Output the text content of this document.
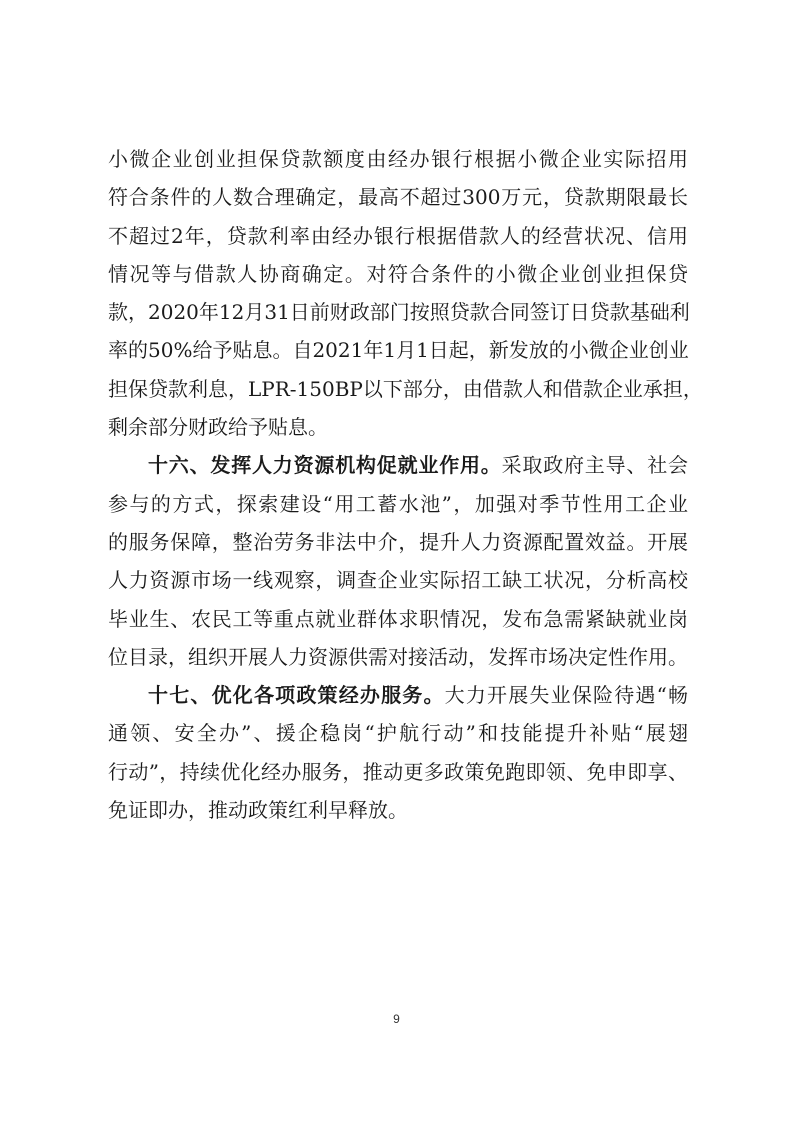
小微企业创业担保贷款额度由经办银行根据小微企业实际招用
符合条件的人数合理确定，最高不超过300万元，贷款期限最长
不超过2年，贷款利率由经办银行根据借款人的经营状况、信用
情况等与借款人协商确定。对符合条件的小微企业创业担保贷
款，2020年12月31日前财政部门按照贷款合同签订日贷款基础利
率的50%给予贴息。自2021年1月1日起，新发放的小微企业创业
担保贷款利息，LPR-150BP以下部分，由借款人和借款企业承担，
剩余部分财政给予贴息。
十六、发挥人力资源机构促就业作用。采取政府主导、社会
参与的方式，探索建设“用工蓄水池”，加强对季节性用工企业
的服务保障，整治劳务非法中介，提升人力资源配置效益。开展
人力资源市场一线观察，调查企业实际招工缺工状况，分析高校
毕业生、农民工等重点就业群体求职情况，发布急需紧缺就业岗
位目录，组织开展人力资源供需对接活动，发挥市场决定性作用。
十七、优化各项政策经办服务。大力开展失业保险待遇“畅
通领、安全办”、援企稳岗“护航行动”和技能提升补贴“展翅
行动”，持续优化经办服务，推动更多政策免跑即领、免申即享、
免证即办，推动政策红利早释放。
9
